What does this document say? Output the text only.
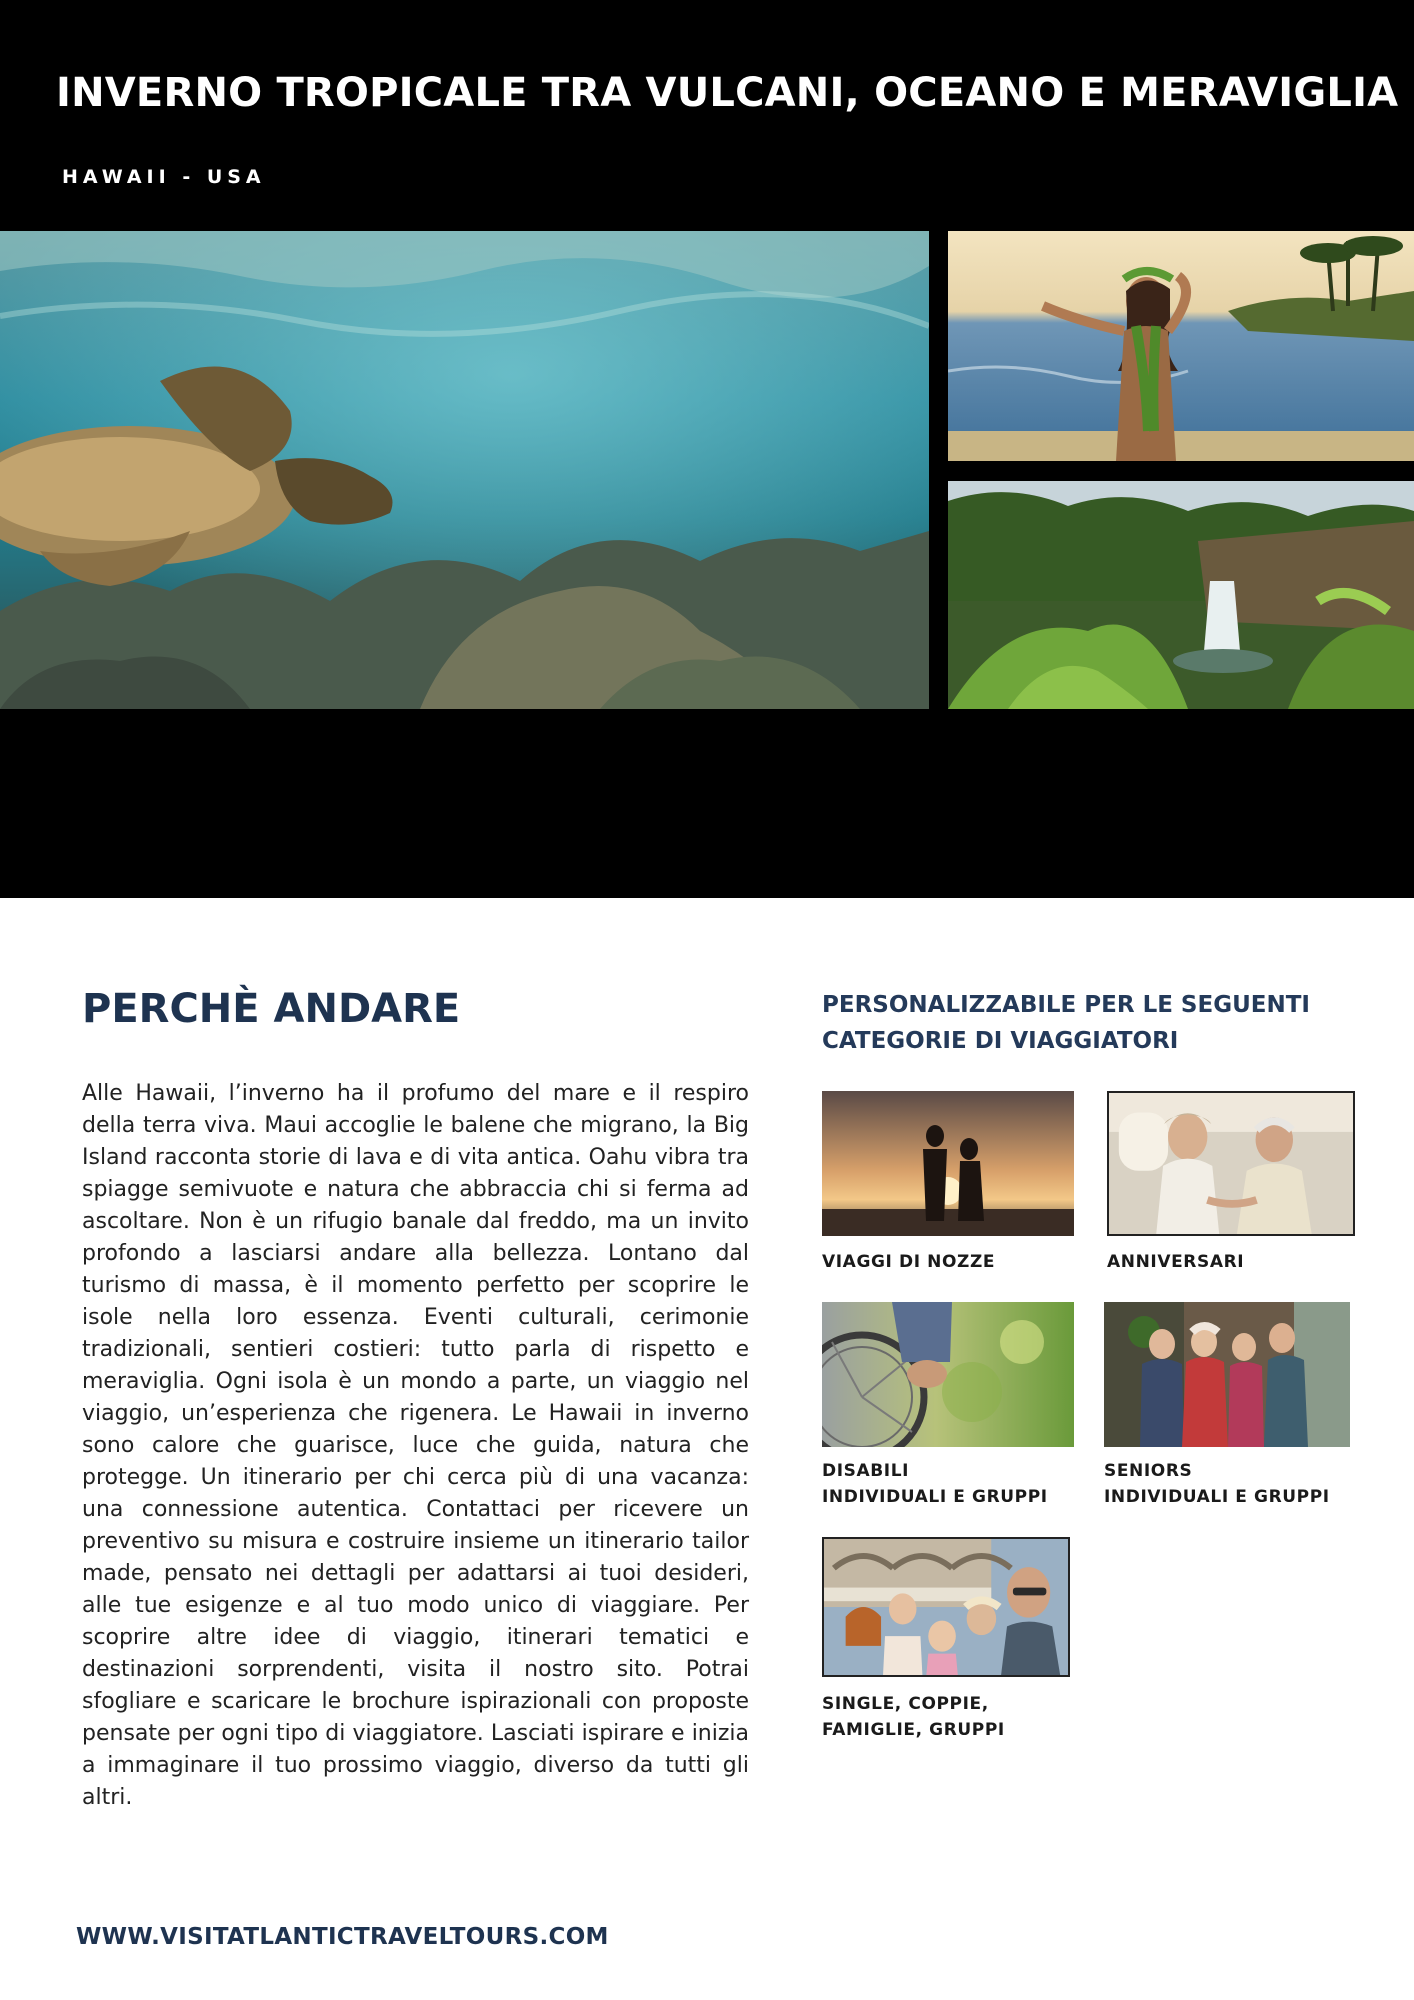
INVERNO TROPICALE TRA VULCANI, OCEANO E MERAVIGLIA
HAWAII - USA
PERCHÈ ANDARE

Alle Hawaii, l’inverno ha il profumo del mare e il respiro della terra viva. Maui accoglie le balene che migrano, la Big Island racconta storie di lava e di vita antica. Oahu vibra tra spiagge semivuote e natura che abbraccia chi si ferma ad ascoltare. Non è un rifugio banale dal freddo, ma un invito profondo a lasciarsi andare alla bellezza. Lontano dal turismo di massa, è il momento perfetto per scoprire le isole nella loro essenza. Eventi culturali, cerimonie tradizionali, sentieri costieri: tutto parla di rispetto e meraviglia. Ogni isola è un mondo a parte, un viaggio nel viaggio, un’esperienza che rigenera. Le Hawaii in inverno sono calore che guarisce, luce che guida, natura che protegge. Un itinerario per chi cerca più di una vacanza: una connessione autentica. Contattaci per ricevere un preventivo su misura e costruire insieme un itinerario tailor made, pensato nei dettagli per adattarsi ai tuoi desideri, alle tue esigenze e al tuo modo unico di viaggiare. Per scoprire altre idee di viaggio, itinerari tematici e destinazioni sorprendenti, visita il nostro sito. Potrai sfogliare e scaricare le brochure ispirazionali con proposte pensate per ogni tipo di viaggiatore. Lasciati ispirare e inizia a immaginare il tuo prossimo viaggio, diverso da tutti gli altri.

WWW.VISITATLANTICTRAVELTOURS.COM
PERSONALIZZABILE PER LE SEGUENTI
CATEGORIE DI VIAGGIATORI
VIAGGI DI NOZZE	ANNIVERSARI
DISABILI
INDIVIDUALI E GRUPPI
SENIORS
INDIVIDUALI E GRUPPI
SINGLE, COPPIE,
FAMIGLIE, GRUPPI
